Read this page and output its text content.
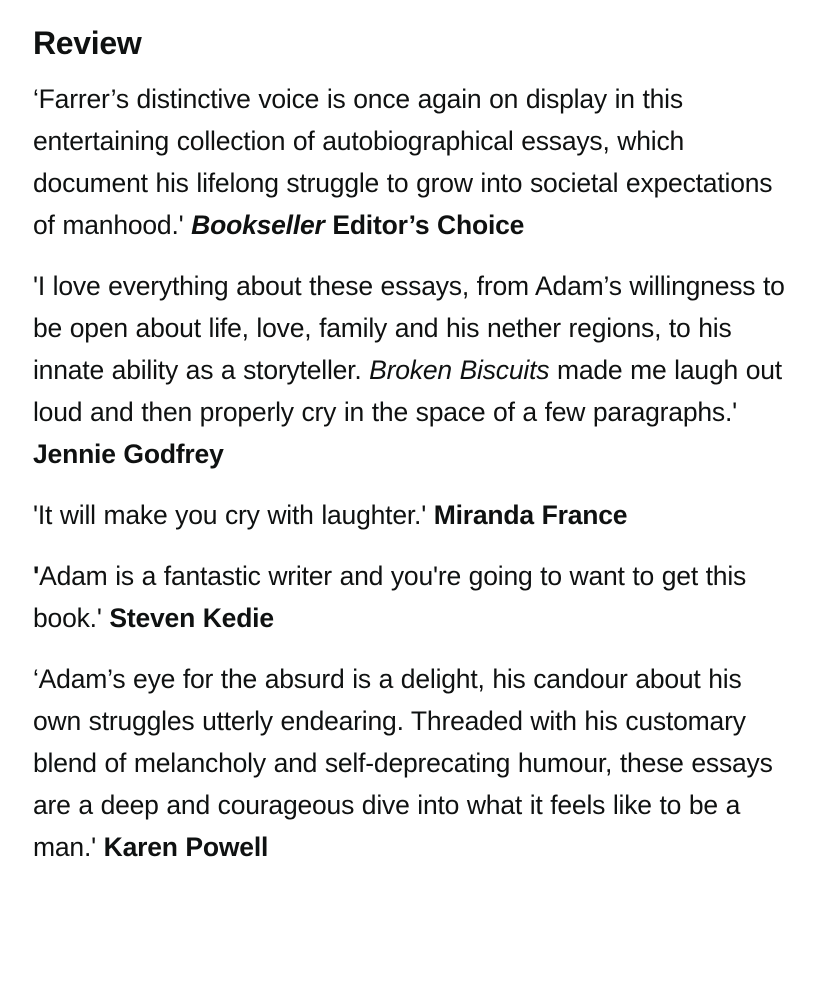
Review

‘Farrer’s distinctive voice is once again on display in this entertaining collection of autobiographical essays, which document his lifelong struggle to grow into societal expectations of manhood.' Bookseller Editor’s Choice

'I love everything about these essays, from Adam’s willingness to be open about life, love, family and his nether regions, to his innate ability as a storyteller. Broken Biscuits made me laugh out loud and then properly cry in the space of a few paragraphs.' Jennie Godfrey

'It will make you cry with laughter.' Miranda France

'Adam is a fantastic writer and you're going to want to get this book.' Steven Kedie

‘Adam’s eye for the absurd is a delight, his candour about his own struggles utterly endearing. Threaded with his customary blend of melancholy and self-deprecating humour, these essays are a deep and courageous dive into what it feels like to be a man.' Karen Powell
